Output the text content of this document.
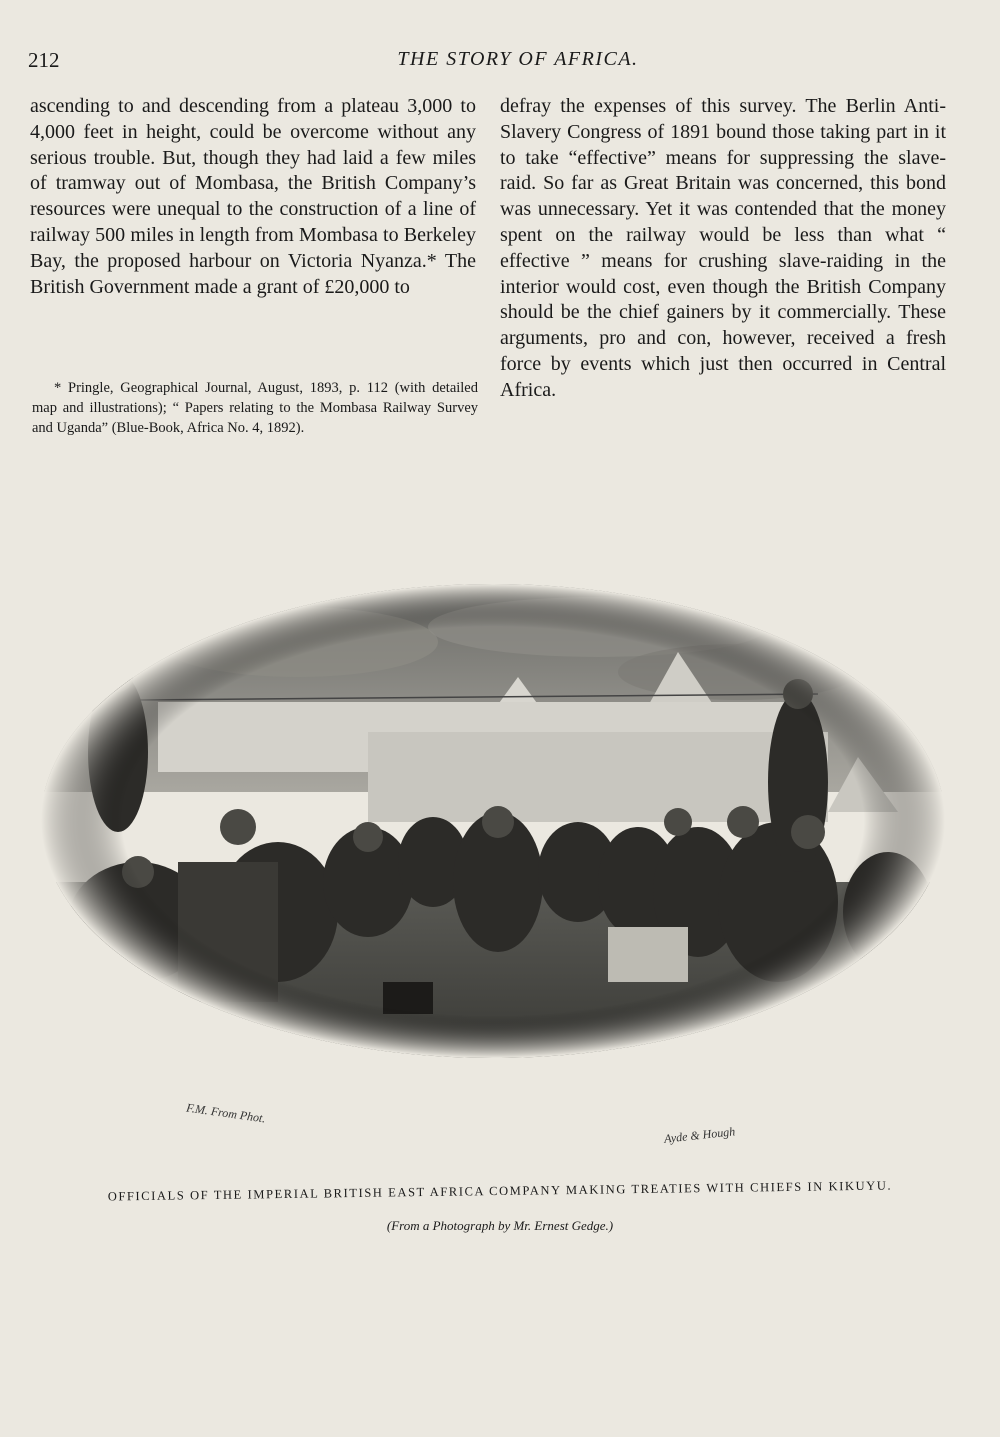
212	THE STORY OF AFRICA.

ascending to and descending from a plateau 3,000 to 4,000 feet in height, could be overcome without any serious trouble. But, though they had laid a few miles of tramway out of Mombasa, the British Company’s resources were unequal to the construction of a line of railway 500 miles in length from Mombasa to Berkeley Bay, the proposed harbour on Victoria Nyanza.* The British Government made a grant of £20,000 to

* Pringle, Geographical Journal, August, 1893, p. 112 (with detailed map and illustrations); “ Papers relating to the Mombasa Railway Survey and Uganda” (Blue-Book, Africa No. 4, 1892).

defray the expenses of this survey. The Berlin Anti-Slavery Congress of 1891 bound those taking part in it to take “effective” means for suppressing the slave-raid. So far as Great Britain was concerned, this bond was unnecessary. Yet it was contended that the money spent on the railway would be less than what “ effective ” means for crushing slave-raiding in the interior would cost, even though the British Company should be the chief gainers by it commercially. These arguments, pro and con, however, received a fresh force by events which just then occurred in Central Africa.

F.M. From Phot.
Ayde & Hough
OFFICIALS OF THE IMPERIAL BRITISH EAST AFRICA COMPANY MAKING TREATIES WITH CHIEFS IN KIKUYU.
(From a Photograph by Mr. Ernest Gedge.)
